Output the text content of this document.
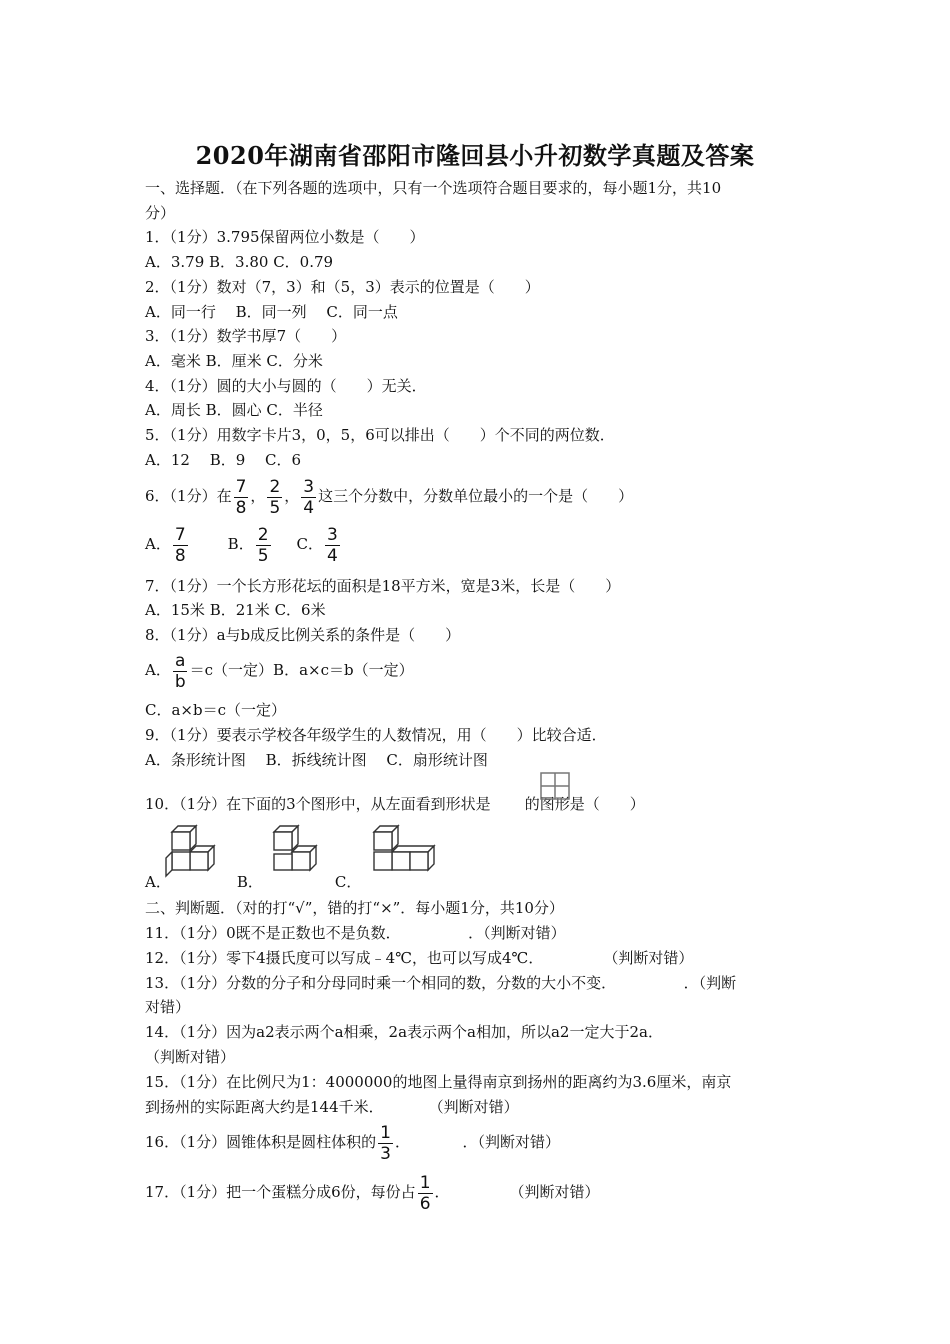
2020年湖南省邵阳市隆回县小升初数学真题及答案
一、选择题．（在下列各题的选项中，只有一个选项符合题目要求的，每小题1分，共10
分）
1．（1分）3.795保留两位小数是（　　）
A．3.79 B．3.80 C．0.79
2．（1分）数对（7，3）和（5，3）表示的位置是（　　）
A．同一行　 B．同一列　 C．同一点
3．（1分）数学书厚7（　　）
A．毫米 B．厘米 C．分米
4．（1分）圆的大小与圆的（　　）无关．
A．周长 B．圆心 C．半径
5．（1分）用数字卡片3，0，5，6可以排出（　　）个不同的两位数．
A．12　 B．9　 C．6
6．（1分）在 $\frac{7}{8}$ ， $\frac{2}{5}$ ， $\frac{3}{4}$ 这三个分数中，分数单位最小的一个是（　　）
A． $\frac{7}{8}$	B． $\frac{2}{5}$ C． $\frac{3}{4}$
7．（1分）一个长方形花坛的面积是18平方米，宽是3米，长是（　　）
A．15米 B．21米 C．6米
8．（1分）a与b成反比例关系的条件是（　　）
A． $\frac{a}{b} =c$（一定）B．a×c＝b（一定）
C．a×b＝c（一定）
9．（1分）要表示学校各年级学生的人数情况，用（　　）比较合适．
A．条形统计图　 B．拆线统计图　 C．扇形统计图
10．（1分）在下面的3个图形中，从左面看到形状是 的图形是（　　）
A．	B．	C．
二、判断题．（对的打“√”，错的打“×”．每小题1分，共10分）
11．（1分）0既不是正数也不是负数．　　　　　．（判断对错）
12．（1分）零下4摄氏度可以写成﹣4℃，也可以写成4℃．　　　　　（判断对错）
13．（1分）分数的分子和分母同时乘一个相同的数，分数的大小不变．　　　　　．（判断
对错）
14．（1分）因为a2表示两个a相乘，2a表示两个a相加，所以a2一定大于2a．
（判断对错）
15．（1分）在比例尺为1：4000000的地图上量得南京到扬州的距离约为3.6厘米，南京
到扬州的实际距离大约是144千米．　　　　（判断对错）
16．（1分）圆锥体积是圆柱体积的 $\frac{1}{3}$ ．　　　　．（判断对错）
17．（1分）把一个蛋糕分成6份，每份占 $\frac{1}{6}$ ．　　　　　（判断对错）
